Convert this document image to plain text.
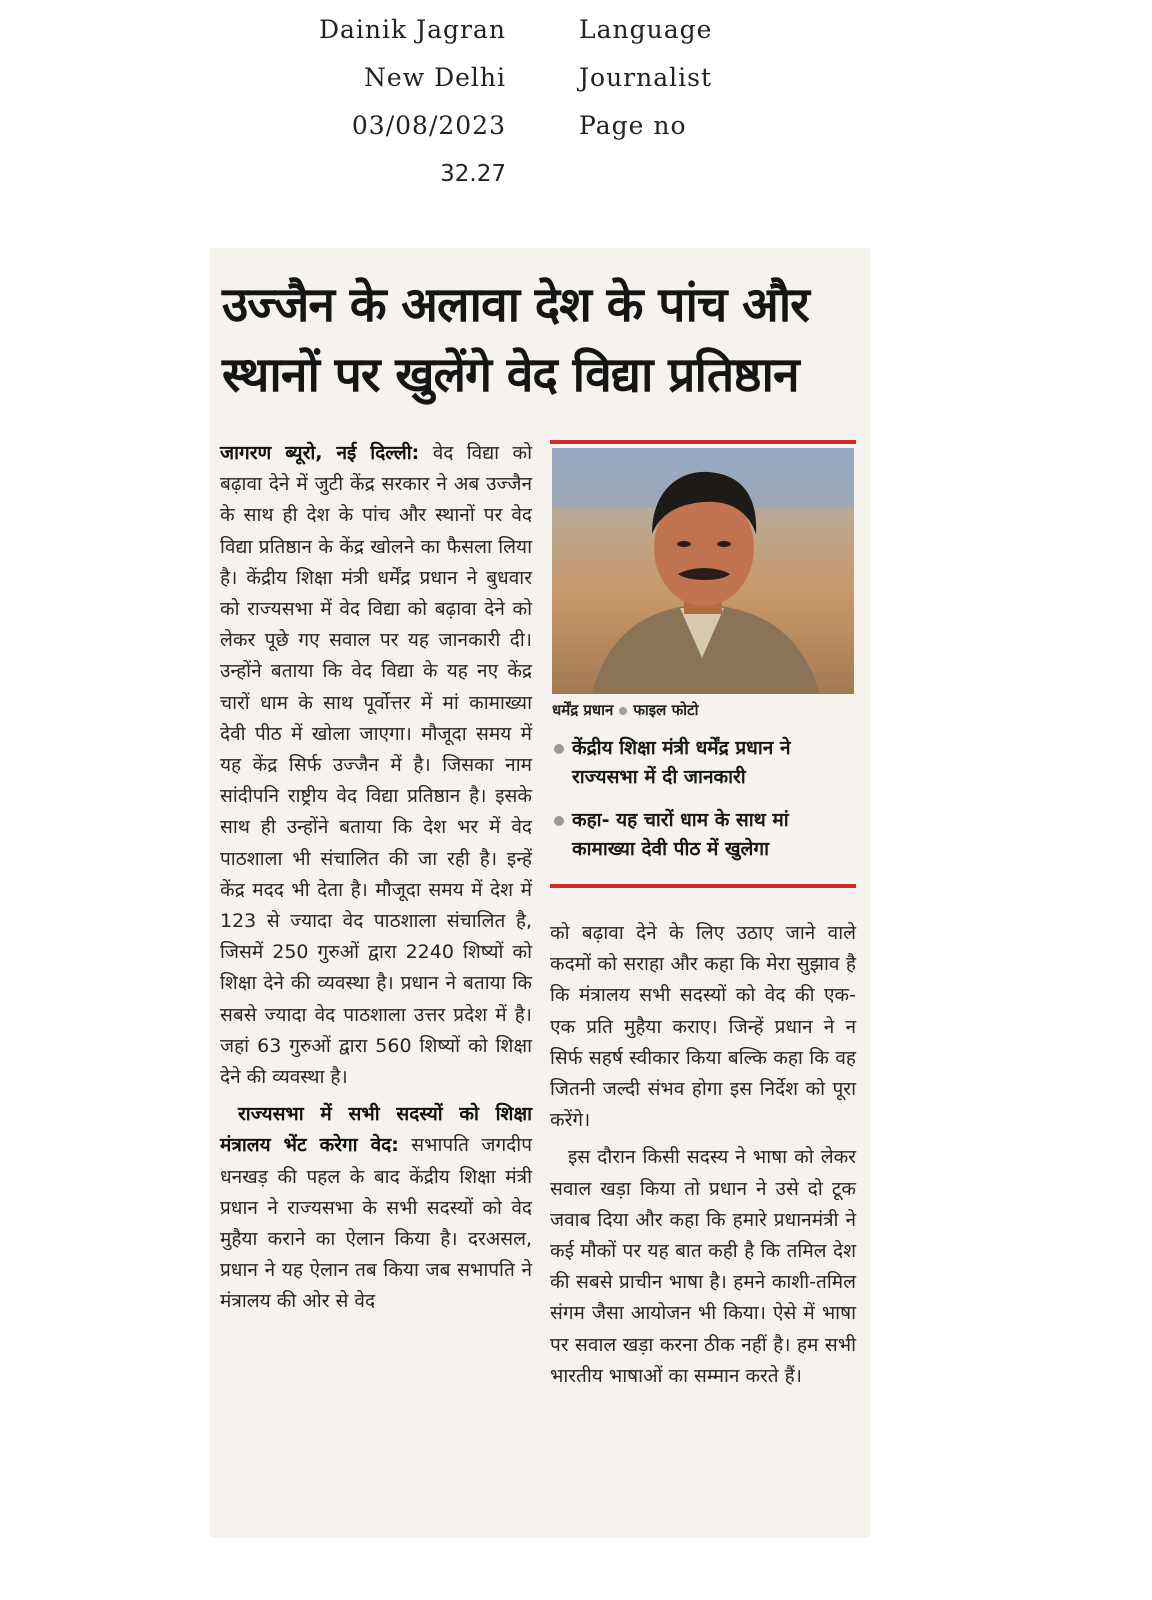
Dainik Jagran
New Delhi
03/08/2023
32.27
Language
Journalist
Page no
उज्जैन के अलावा देश के पांच और
स्थानों पर खुलेंगे वेद विद्या प्रतिष्ठान

जागरण ब्यूरो, नई दिल्ली: वेद विद्या को बढ़ावा देने में जुटी केंद्र सरकार ने अब उज्जैन के साथ ही देश के पांच और स्थानों पर वेद विद्या प्रतिष्ठान के केंद्र खोलने का फैसला लिया है। केंद्रीय शिक्षा मंत्री धर्मेंद्र प्रधान ने बुधवार को राज्यसभा में वेद विद्या को बढ़ावा देने को लेकर पूछे गए सवाल पर यह जानकारी दी। उन्होंने बताया कि वेद विद्या के यह नए केंद्र चारों धाम के साथ पूर्वोत्तर में मां कामाख्या देवी पीठ में खोला जाएगा। मौजूदा समय में यह केंद्र सिर्फ उज्जैन में है। जिसका नाम सांदीपनि राष्ट्रीय वेद विद्या प्रतिष्ठान है। इसके साथ ही उन्होंने बताया कि देश भर में वेद पाठशाला भी संचालित की जा रही है। इन्हें केंद्र मदद भी देता है। मौजूदा समय में देश में 123 से ज्यादा वेद पाठशाला संचालित है, जिसमें 250 गुरुओं द्वारा 2240 शिष्यों को शिक्षा देने की व्यवस्था है। प्रधान ने बताया कि सबसे ज्यादा वेद पाठशाला उत्तर प्रदेश में है। जहां 63 गुरुओं द्वारा 560 शिष्यों को शिक्षा देने की व्यवस्था है।

राज्यसभा में सभी सदस्यों को शिक्षा मंत्रालय भेंट करेगा वेद: सभापति जगदीप धनखड़ की पहल के बाद केंद्रीय शिक्षा मंत्री प्रधान ने राज्यसभा के सभी सदस्यों को वेद मुहैया कराने का ऐलान किया है। दरअसल, प्रधान ने यह ऐलान तब किया जब सभापति ने मंत्रालय की ओर से वेद

धर्मेंद्र प्रधान फाइल फोटो
केंद्रीय शिक्षा मंत्री धर्मेंद्र प्रधान ने राज्यसभा में दी जानकारी
कहा- यह चारों धाम के साथ मां कामाख्या देवी पीठ में खुलेगा

को बढ़ावा देने के लिए उठाए जाने वाले कदमों को सराहा और कहा कि मेरा सुझाव है कि मंत्रालय सभी सदस्यों को वेद की एक-एक प्रति मुहैया कराए। जिन्हें प्रधान ने न सिर्फ सहर्ष स्वीकार किया बल्कि कहा कि वह जितनी जल्दी संभव होगा इस निर्देश को पूरा करेंगे।

इस दौरान किसी सदस्य ने भाषा को लेकर सवाल खड़ा किया तो प्रधान ने उसे दो टूक जवाब दिया और कहा कि हमारे प्रधानमंत्री ने कई मौकों पर यह बात कही है कि तमिल देश की सबसे प्राचीन भाषा है। हमने काशी-तमिल संगम जैसा आयोजन भी किया। ऐसे में भाषा पर सवाल खड़ा करना ठीक नहीं है। हम सभी भारतीय भाषाओं का सम्मान करते हैं।
